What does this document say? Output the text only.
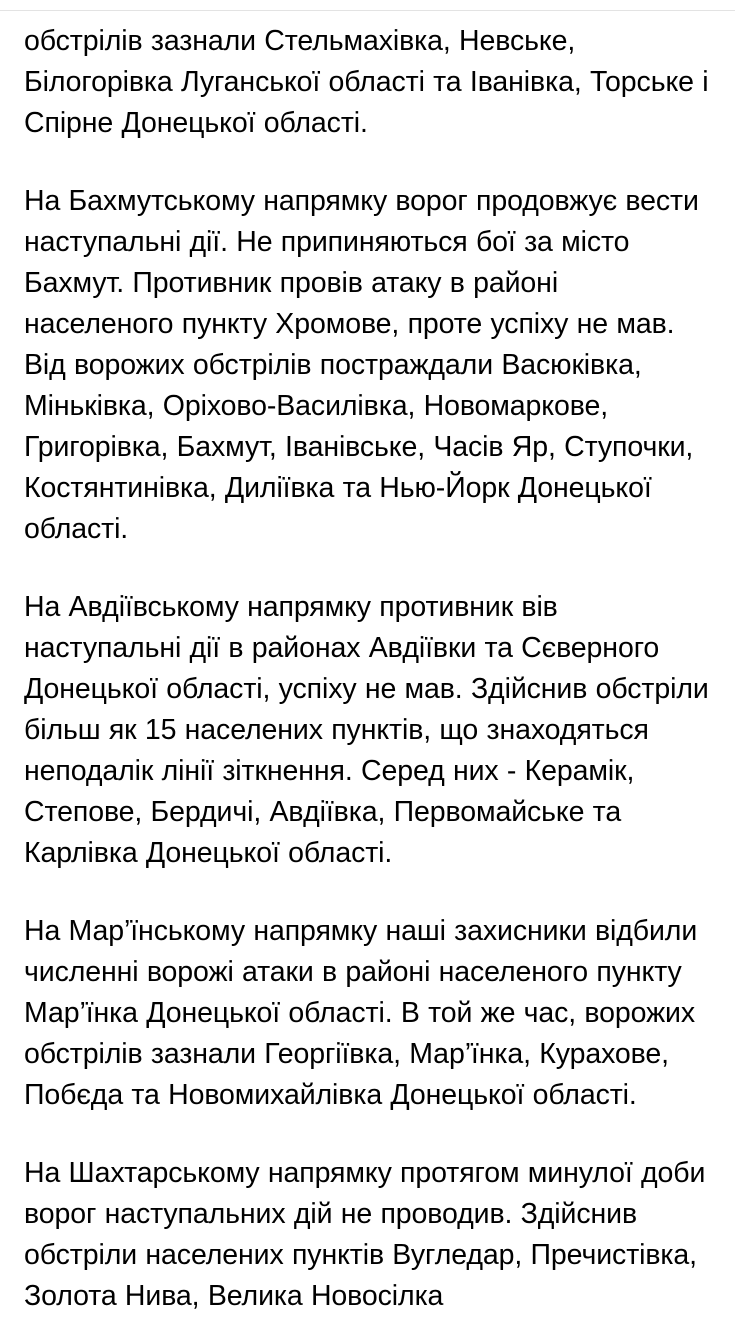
обстрілів зазнали Стельмахівка, Невське, Білогорівка Луганської області та Іванівка, Торське і Спірне Донецької області.

На Бахмутському напрямку ворог продовжує вести наступальні дії. Не припиняються бої за місто Бахмут. Противник провів атаку в районі населеного пункту Хромове, проте успіху не мав. Від ворожих обстрілів постраждали Васюківка, Міньківка, Оріхово-Василівка, Новомаркове, Григорівка, Бахмут, Іванівське, Часів Яр, Ступочки, Костянтинівка, Дилiївка та Нью-Йорк Донецької області.

На Авдіївському напрямку противник вів наступальні дії в районах Авдіївки та Сєверного Донецької області, успіху не мав. Здійснив обстріли більш як 15 населених пунктів, що знаходяться неподалік лінії зіткнення. Серед них - Керамік, Степове, Бердичі, Авдіївка, Первомайське та Карлівка Донецької області.

На Мар’їнському напрямку наші захисники відбили численні ворожі атаки в районі населеного пункту Мар’їнка Донецької області. В той же час, ворожих обстрілів зазнали Георгіївка, Мар’їнка, Курахове, Побєда та Новомихайлівка Донецької області.

На Шахтарському напрямку протягом минулої доби ворог наступальних дій не проводив. Здійснив обстріли населених пунктів Вугледар, Пречистівка, Золота Нива, Велика Новосілка
